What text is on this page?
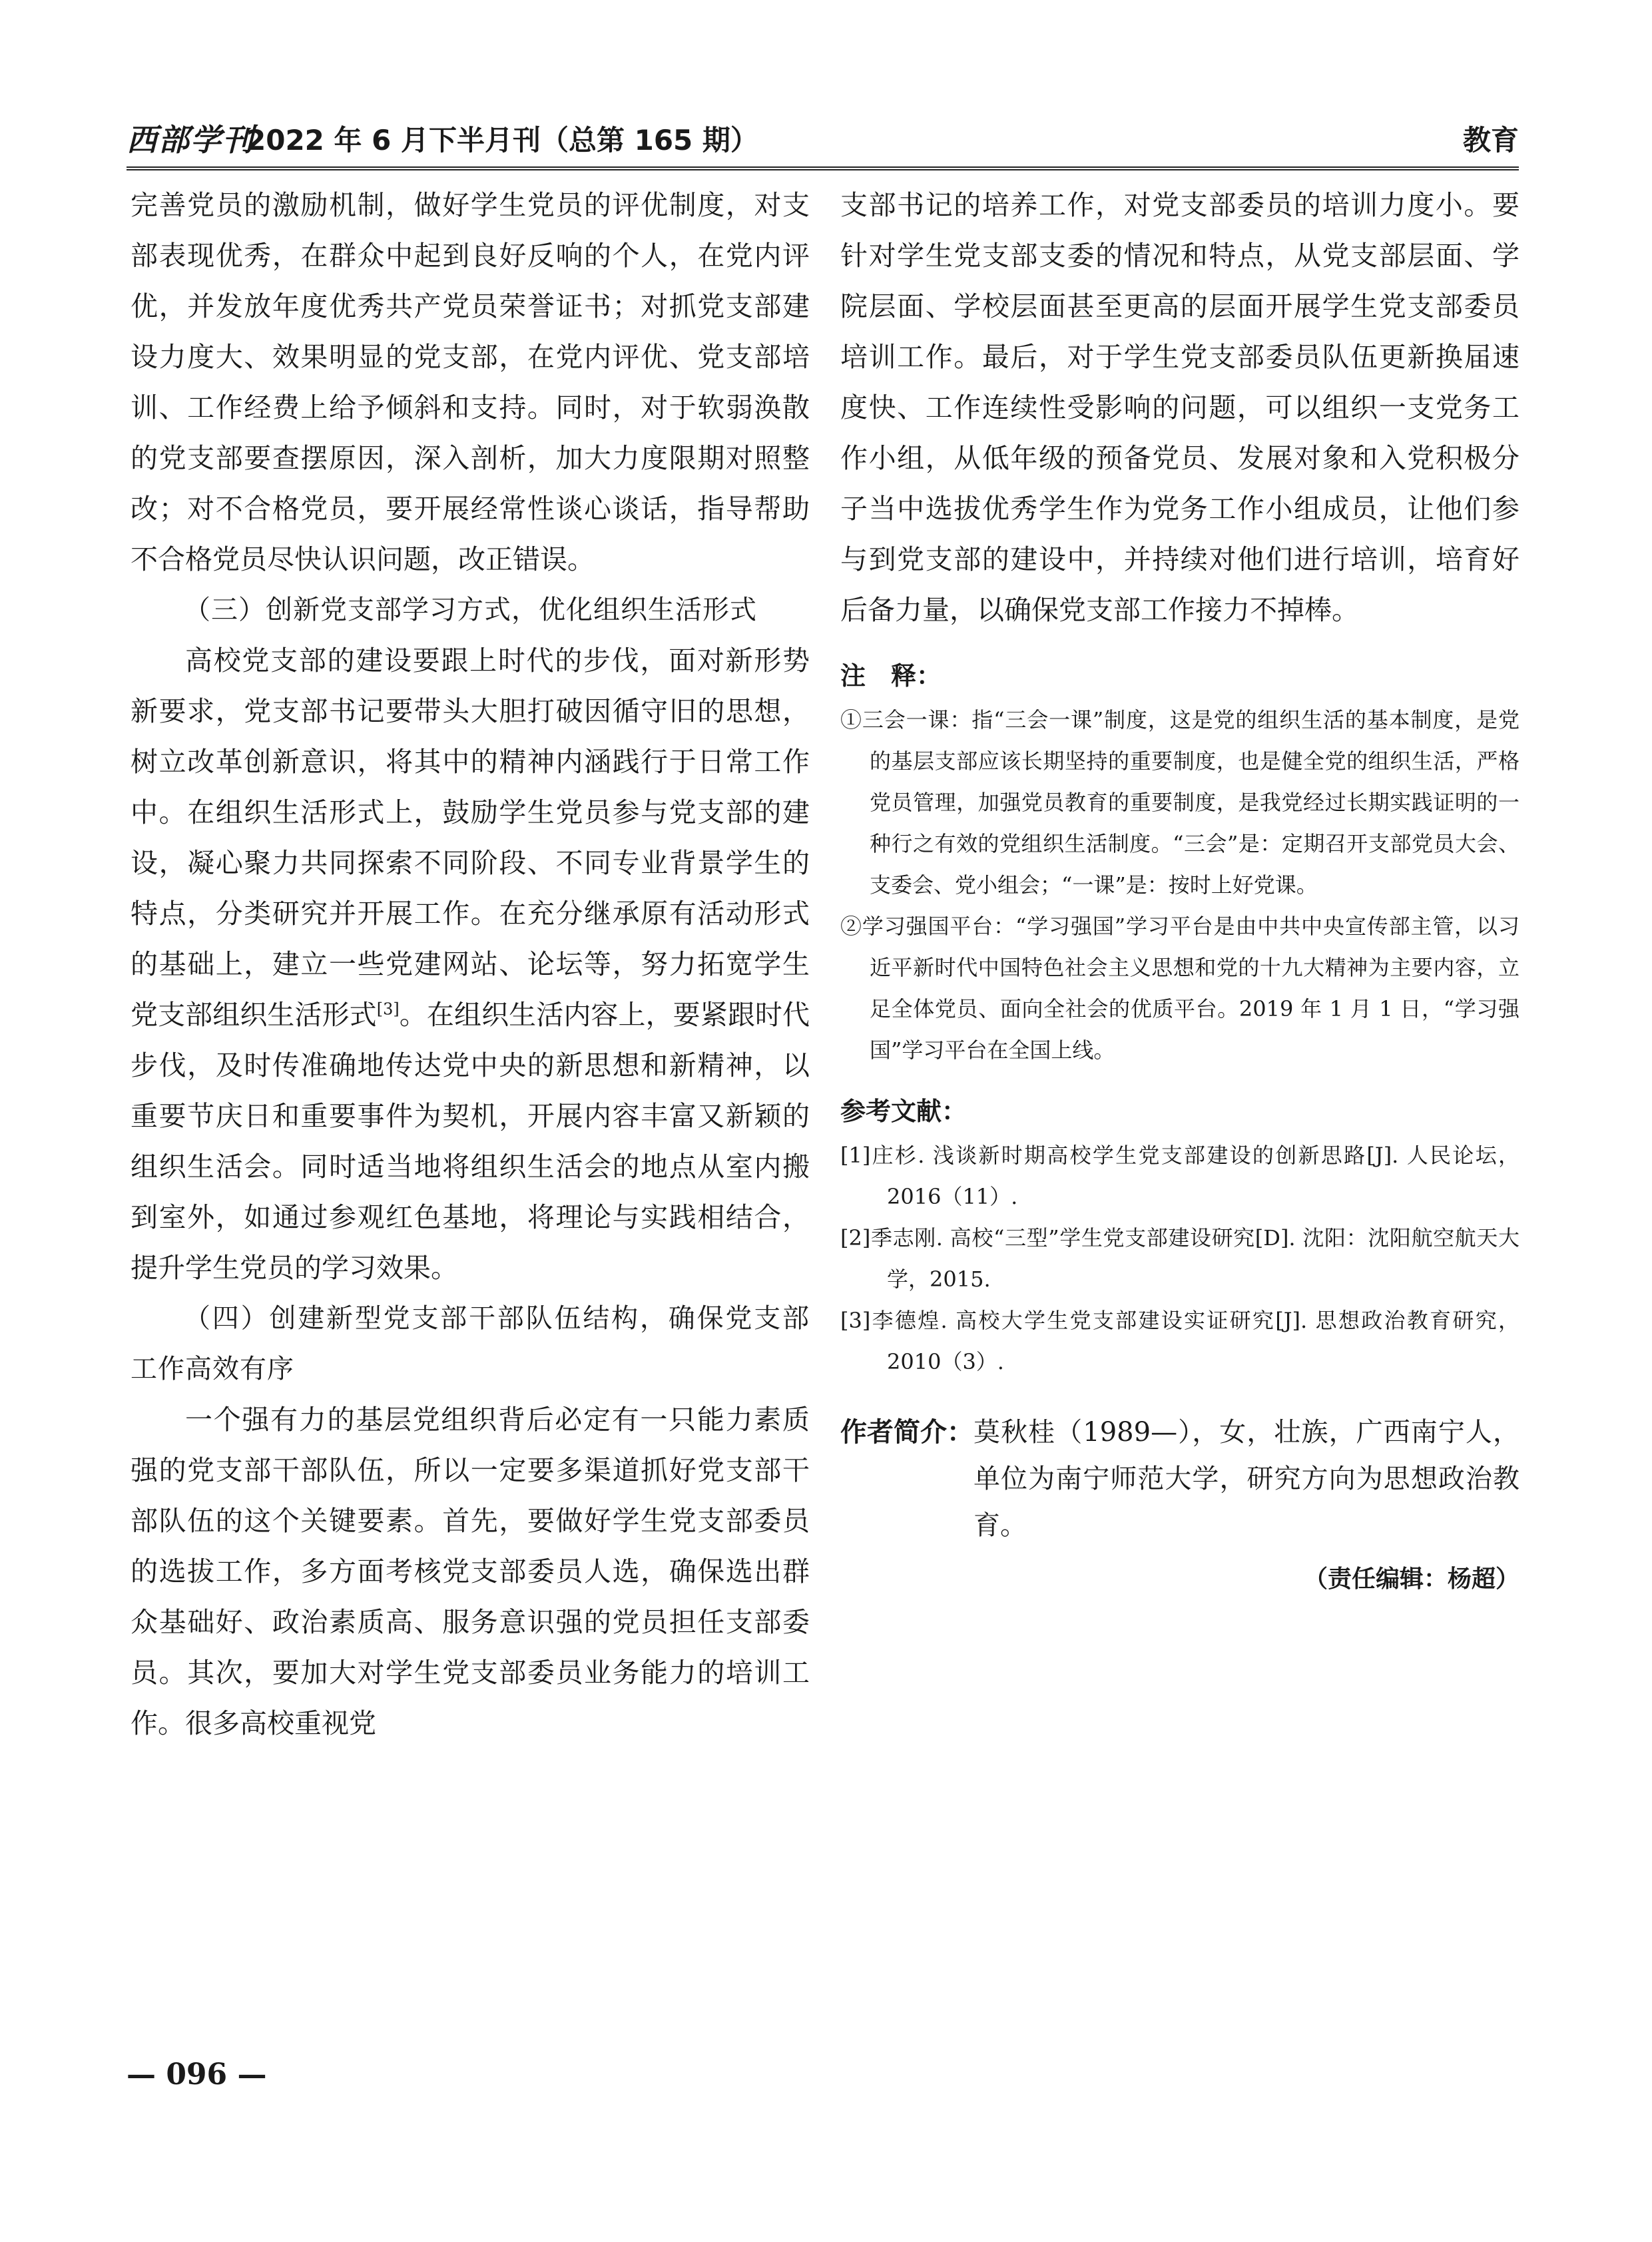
西部学刊
2022 年 6 月下半月刊（总第 165 期）	教育

完善党员的激励机制，做好学生党员的评优制度，对支部表现优秀，在群众中起到良好反响的个人，在党内评优，并发放年度优秀共产党员荣誉证书；对抓党支部建设力度大、效果明显的党支部，在党内评优、党支部培训、工作经费上给予倾斜和支持。同时，对于软弱涣散的党支部要查摆原因，深入剖析，加大力度限期对照整改；对不合格党员，要开展经常性谈心谈话，指导帮助不合格党员尽快认识问题，改正错误。

（三）创新党支部学习方式，优化组织生活形式

高校党支部的建设要跟上时代的步伐，面对新形势新要求，党支部书记要带头大胆打破因循守旧的思想，树立改革创新意识，将其中的精神内涵践行于日常工作中。在组织生活形式上，鼓励学生党员参与党支部的建设，凝心聚力共同探索不同阶段、不同专业背景学生的特点，分类研究并开展工作。在充分继承原有活动形式的基础上，建立一些党建网站、论坛等，努力拓宽学生党支部组织生活形式[3]。在组织生活内容上，要紧跟时代步伐，及时传准确地传达党中央的新思想和新精神，以重要节庆日和重要事件为契机，开展内容丰富又新颖的组织生活会。同时适当地将组织生活会的地点从室内搬到室外，如通过参观红色基地，将理论与实践相结合，提升学生党员的学习效果。

（四）创建新型党支部干部队伍结构，确保党支部工作高效有序

一个强有力的基层党组织背后必定有一只能力素质强的党支部干部队伍，所以一定要多渠道抓好党支部干部队伍的这个关键要素。首先，要做好学生党支部委员的选拔工作，多方面考核党支部委员人选，确保选出群众基础好、政治素质高、服务意识强的党员担任支部委员。其次，要加大对学生党支部委员业务能力的培训工作。很多高校重视党

支部书记的培养工作，对党支部委员的培训力度小。要针对学生党支部支委的情况和特点，从党支部层面、学院层面、学校层面甚至更高的层面开展学生党支部委员培训工作。最后，对于学生党支部委员队伍更新换届速度快、工作连续性受影响的问题，可以组织一支党务工作小组，从低年级的预备党员、发展对象和入党积极分子当中选拔优秀学生作为党务工作小组成员，让他们参与到党支部的建设中，并持续对他们进行培训，培育好后备力量，以确保党支部工作接力不掉棒。

注　释：
①三会一课：指“三会一课”制度，这是党的组织生活的基本制度，是党的基层支部应该长期坚持的重要制度，也是健全党的组织生活，严格党员管理，加强党员教育的重要制度，是我党经过长期实践证明的一种行之有效的党组织生活制度。“三会”是：定期召开支部党员大会、支委会、党小组会；“一课”是：按时上好党课。
②学习强国平台：“学习强国”学习平台是由中共中央宣传部主管，以习近平新时代中国特色社会主义思想和党的十九大精神为主要内容，立足全体党员、面向全社会的优质平台。2019 年 1 月 1 日，“学习强国”学习平台在全国上线。
参考文献：
[1]庄杉. 浅谈新时期高校学生党支部建设的创新思路[J]. 人民论坛，2016（11）.
[2]季志刚. 高校“三型”学生党支部建设研究[D]. 沈阳：沈阳航空航天大学，2015.
[3]李德煌. 高校大学生党支部建设实证研究[J]. 思想政治教育研究，2010（3）.
作者简介： 莫秋桂（1989—），女，壮族，广西南宁人，单位为南宁师范大学，研究方向为思想政治教育。
（责任编辑：杨超）
— 096 —
